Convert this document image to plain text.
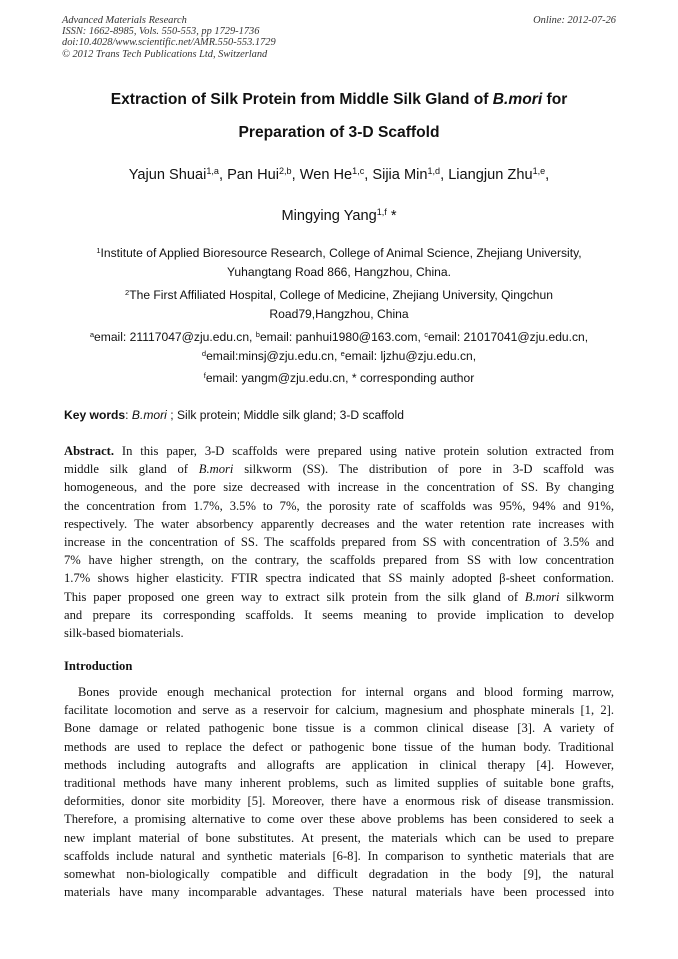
Advanced Materials Research
ISSN: 1662-8985, Vols. 550-553, pp 1729-1736
doi:10.4028/www.scientific.net/AMR.550-553.1729
© 2012 Trans Tech Publications Ltd, Switzerland
Online: 2012-07-26
Extraction of Silk Protein from Middle Silk Gland of B.mori for
Preparation of 3-D Scaffold
Yajun Shuai$^{1,a}$, Pan Hui$^{2,b}$, Wen He$^{1,c}$, Sijia Min$^{1,d}$, Liangjun Zhu$^{1,e}$,
Mingying Yang$^{1,f}$ *
$^1$Institute of Applied Bioresource Research, College of Animal Science, Zhejiang University,
Yuhangtang Road 866, Hangzhou, China.
$^2$The First Affiliated Hospital, College of Medicine, Zhejiang University, Qingchun
Road79,Hangzhou, China
$^a$email: 21117047@zju.edu.cn, $^b$email: panhui1980@163.com, $^c$email: 21017041@zju.edu.cn,
$^d$email:minsj@zju.edu.cn, $^e$email: ljzhu@zju.edu.cn,
$^f$email: yangm@zju.edu.cn, * corresponding author
Key words: B.mori ; Silk protein; Middle silk gland; 3-D scaffold
Abstract. In this paper, 3-D scaffolds were prepared using native protein solution extracted from
middle silk gland of B.mori silkworm (SS). The distribution of pore in 3-D scaffold was
homogeneous, and the pore size decreased with increase in the concentration of SS. By changing
the concentration from 1.7%, 3.5% to 7%, the porosity rate of scaffolds was 95%, 94% and 91%,
respectively. The water absorbency apparently decreases and the water retention rate increases with
increase in the concentration of SS. The scaffolds prepared from SS with concentration of 3.5% and
7% have higher strength, on the contrary, the scaffolds prepared from SS with low concentration
1.7% shows higher elasticity. FTIR spectra indicated that SS mainly adopted β-sheet conformation.
This paper proposed one green way to extract silk protein from the silk gland of B.mori silkworm
and prepare its corresponding scaffolds. It seems meaning to provide implication to develop
silk-based biomaterials.
Introduction
Bones provide enough mechanical protection for internal organs and blood forming marrow,
facilitate locomotion and serve as a reservoir for calcium, magnesium and phosphate minerals [1, 2].
Bone damage or related pathogenic bone tissue is a common clinical disease [3]. A variety of
methods are used to replace the defect or pathogenic bone tissue of the human body. Traditional
methods including autografts and allografts are application in clinical therapy [4]. However,
traditional methods have many inherent problems, such as limited supplies of suitable bone grafts,
deformities, donor site morbidity [5]. Moreover, there have a enormous risk of disease transmission.
Therefore, a promising alternative to come over these above problems has been considered to seek a
new implant material of bone substitutes. At present, the materials which can be used to prepare
scaffolds include natural and synthetic materials [6-8]. In comparison to synthetic materials that are
somewhat non-biologically compatible and difficult degradation in the body [9], the natural
materials have many incomparable advantages. These natural materials have been processed into
